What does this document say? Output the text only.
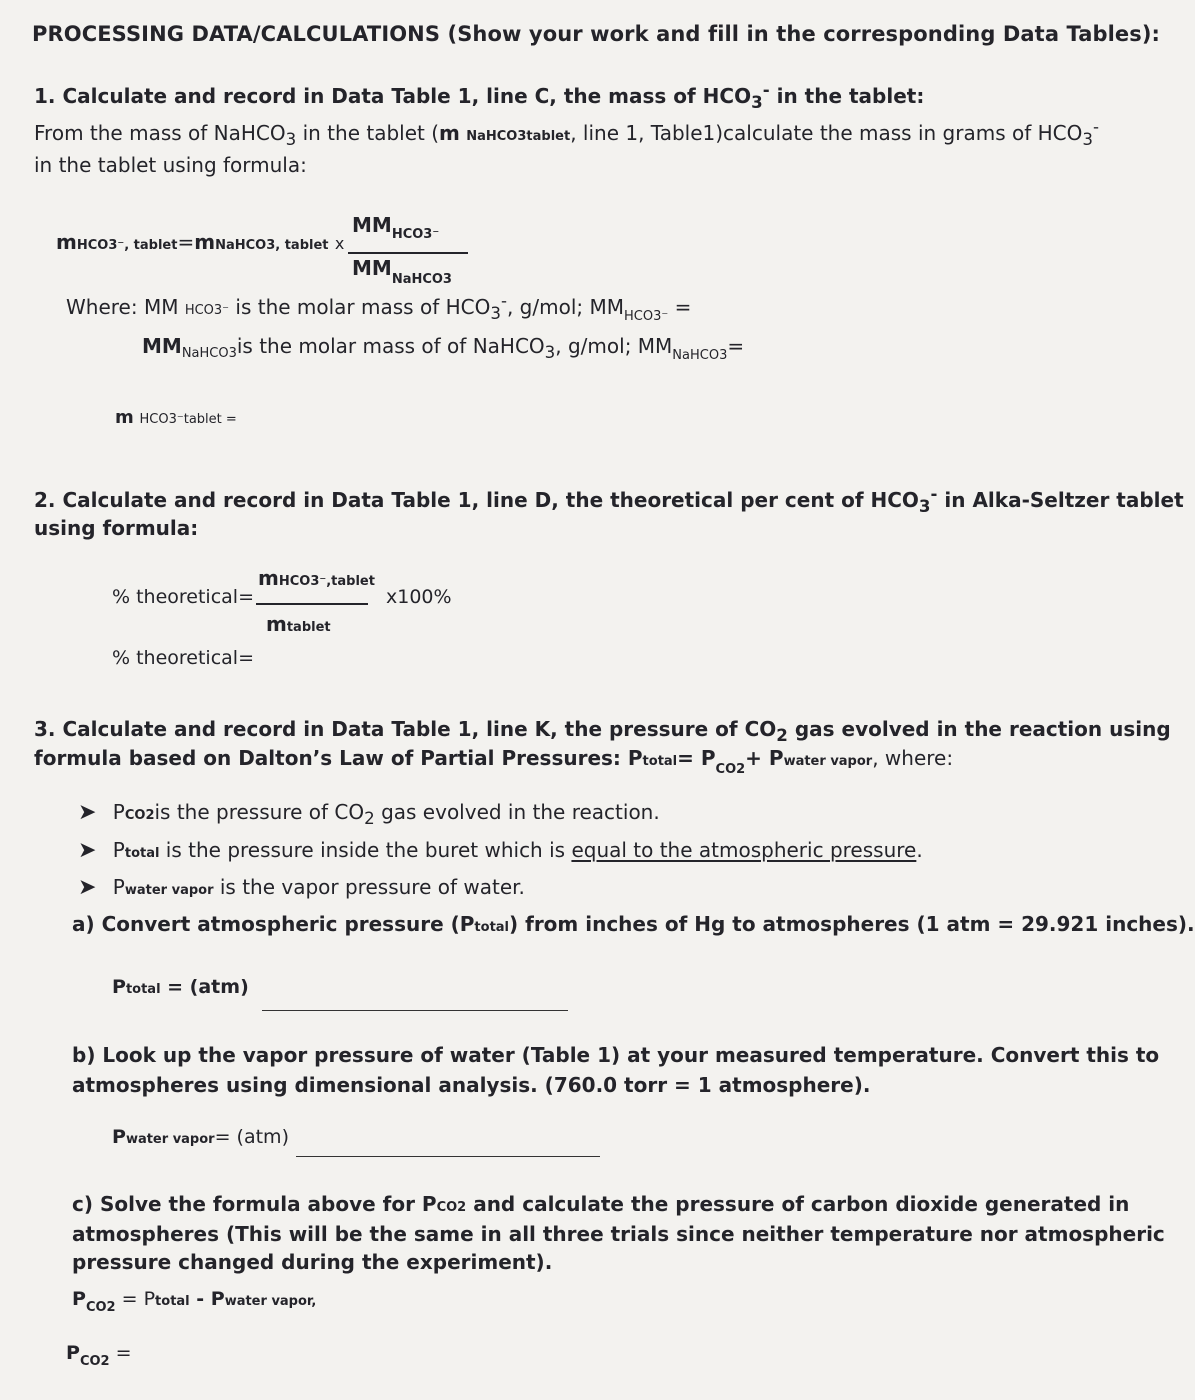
PROCESSING DATA/CALCULATIONS (Show your work and fill in the corresponding Data Tables):
1. Calculate and record in Data Table 1, line C, the mass of $HCO_3^-$ in the tablet:
From the mass of NaHCO$_3$ in the tablet (m NaHCO3tablet, line 1, Table1)calculate the mass in grams of $HCO_3^-$
in the tablet using formula:
mHCO3⁻, tablet=mNaHCO3, tablet x
$MM_{HCO3^-}$
$MM_{NaHCO3}$
Where: MM HCO3⁻ is the molar mass of $HCO_3^-$, g/mol; $MM_{HCO3^-}$ =
$MM_{NaHCO3}is$ the molar mass of of NaHCO$_3$, g/mol; $MM_{NaHCO3}=$
m HCO3⁻tablet =
2. Calculate and record in Data Table 1, line D, the theoretical per cent of $HCO_3^-$ in Alka-Seltzer tablet
using formula:
% theoretical=
mHCO3⁻,tablet
mtablet
x100%
% theoretical=
3. Calculate and record in Data Table 1, line K, the pressure of $CO_2$ gas evolved in the reaction using
formula based on Dalton’s Law of Partial Pressures: Ptotal= $P_{CO2}+$ Pwater vapor, where:
➤ PCO2is the pressure of $CO_2$ gas evolved in the reaction.
➤ Ptotal is the pressure inside the buret which is equal to the atmospheric pressure.
➤ Pwater vapor is the vapor pressure of water.
a) Convert atmospheric pressure (Ptotal) from inches of Hg to atmospheres (1 atm = 29.921 inches).
Ptotal = (atm)
b) Look up the vapor pressure of water (Table 1) at your measured temperature. Convert this to
atmospheres using dimensional analysis. (760.0 torr = 1 atmosphere).
Pwater vapor= (atm)
c) Solve the formula above for PCO2 and calculate the pressure of carbon dioxide generated in
atmospheres (This will be the same in all three trials since neither temperature nor atmospheric
pressure changed during the experiment).
$P_{CO2}$ = Ptotal - Pwater vapor,
$P_{CO2}$ =
